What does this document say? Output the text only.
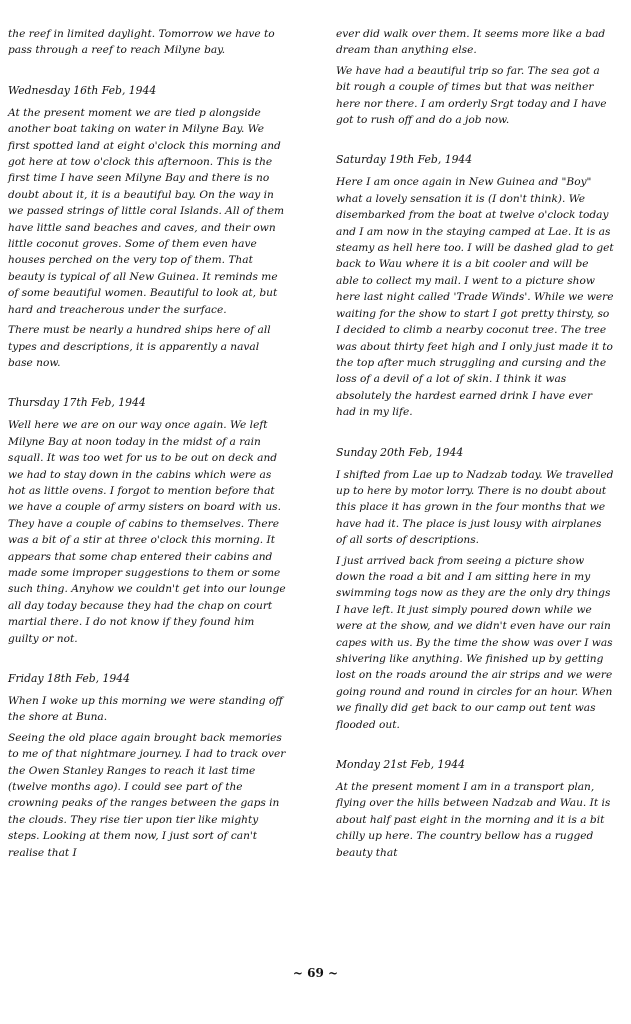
the reef in limited daylight. Tomorrow we have to pass through a reef to reach Milyne bay.

Wednesday 16th Feb, 1944

At the present moment we are tied p alongside another boat taking on water in Milyne Bay. We first spotted land at eight o'clock this morning and got here at tow o'clock this afternoon. This is the first time I have seen Milyne Bay and there is no doubt about it, it is a beautiful bay. On the way in we passed strings of little coral Islands. All of them have little sand beaches and caves, and their own little coconut groves. Some of them even have houses perched on the very top of them. That beauty is typical of all New Guinea. It reminds me of some beautiful women. Beautiful to look at, but hard and treacherous under the surface.

There must be nearly a hundred ships here of all types and descriptions, it is apparently a naval base now.

Thursday 17th Feb, 1944

Well here we are on our way once again. We left Milyne Bay at noon today in the midst of a rain squall. It was too wet for us to be out on deck and we had to stay down in the cabins which were as hot as little ovens. I forgot to mention before that we have a couple of army sisters on board with us. They have a couple of cabins to themselves. There was a bit of a stir at three o'clock this morning. It appears that some chap entered their cabins and made some improper suggestions to them or some such thing. Anyhow we couldn't get into our lounge all day today because they had the chap on court martial there. I do not know if they found him guilty or not.

Friday 18th Feb, 1944

When I woke up this morning we were standing off the shore at Buna.

Seeing the old place again brought back memories to me of that nightmare journey. I had to track over the Owen Stanley Ranges to reach it last time (twelve months ago). I could see part of the crowning peaks of the ranges between the gaps in the clouds. They rise tier upon tier like mighty steps. Looking at them now, I just sort of can't realise that I

ever did walk over them. It seems more like a bad dream than anything else.

We have had a beautiful trip so far. The sea got a bit rough a couple of times but that was neither here nor there. I am orderly Srgt today and I have got to rush off and do a job now.

Saturday 19th Feb, 1944

Here I am once again in New Guinea and "Boy" what a lovely sensation it is (I don't think). We disembarked from the boat at twelve o'clock today and I am now in the staying camped at Lae. It is as steamy as hell here too. I will be dashed glad to get back to Wau where it is a bit cooler and will be able to collect my mail. I went to a picture show here last night called 'Trade Winds'. While we were waiting for the show to start I got pretty thirsty, so I decided to climb a nearby coconut tree. The tree was about thirty feet high and I only just made it to the top after much struggling and cursing and the loss of a devil of a lot of skin. I think it was absolutely the hardest earned drink I have ever had in my life.

Sunday 20th Feb, 1944

I shifted from Lae up to Nadzab today. We travelled up to here by motor lorry. There is no doubt about this place it has grown in the four months that we have had it. The place is just lousy with airplanes of all sorts of descriptions.

I just arrived back from seeing a picture show down the road a bit and I am sitting here in my swimming togs now as they are the only dry things I have left. It just simply poured down while we were at the show, and we didn't even have our rain capes with us. By the time the show was over I was shivering like anything. We finished up by getting lost on the roads around the air strips and we were going round and round in circles for an hour. When we finally did get back to our camp out tent was flooded out.

Monday 21st Feb, 1944

At the present moment I am in a transport plan, flying over the hills between Nadzab and Wau. It is about half past eight in the morning and it is a bit chilly up here. The country bellow has a rugged beauty that

~ 69 ~
